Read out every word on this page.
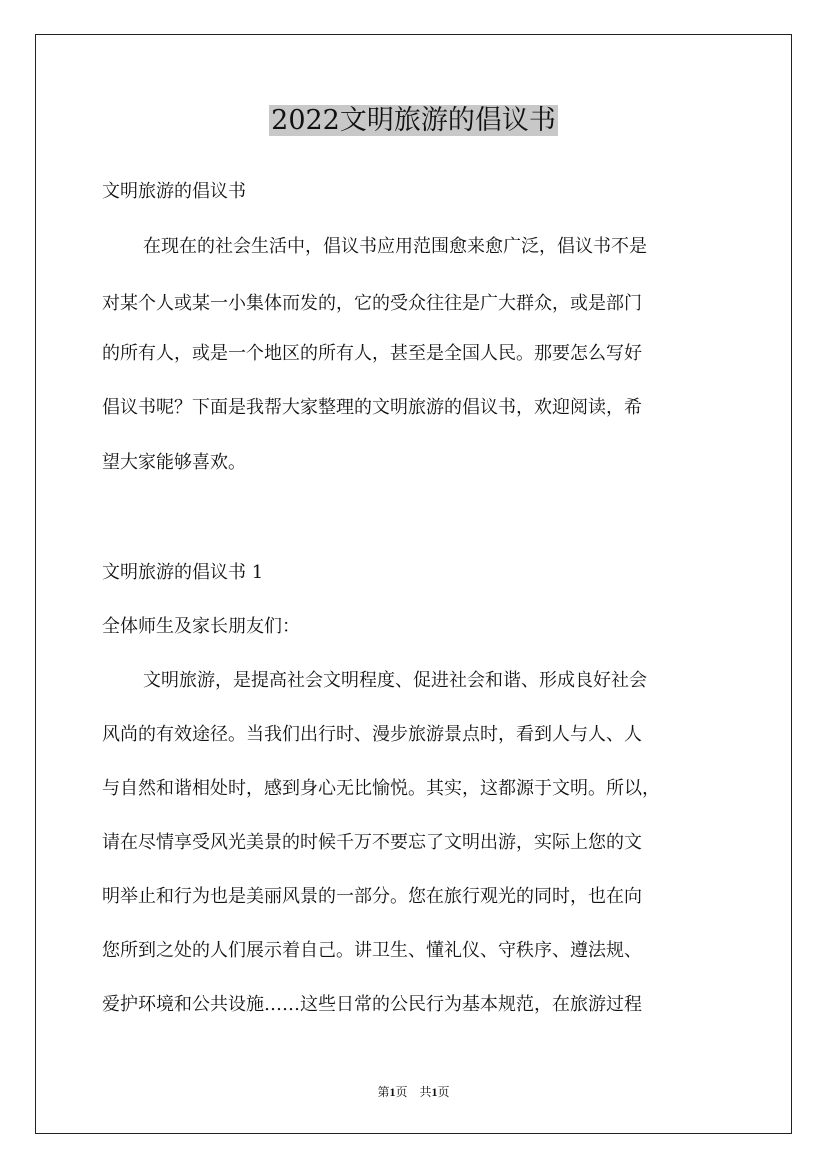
2022文明旅游的倡议书

文明旅游的倡议书

在现在的社会生活中，倡议书应用范围愈来愈广泛，倡议书不是

对某个人或某一小集体而发的，它的受众往往是广大群众，或是部门

的所有人，或是一个地区的所有人，甚至是全国人民。那要怎么写好

倡议书呢？下面是我帮大家整理的文明旅游的倡议书，欢迎阅读，希

望大家能够喜欢。

文明旅游的倡议书 1

全体师生及家长朋友们：

文明旅游，是提高社会文明程度、促进社会和谐、形成良好社会

风尚的有效途径。当我们出行时、漫步旅游景点时，看到人与人、人

与自然和谐相处时，感到身心无比愉悦。其实，这都源于文明。所以，

请在尽情享受风光美景的时候千万不要忘了文明出游，实际上您的文

明举止和行为也是美丽风景的一部分。您在旅行观光的同时，也在向

您所到之处的人们展示着自己。讲卫生、懂礼仪、守秩序、遵法规、

爱护环境和公共设施……这些日常的公民行为基本规范，在旅游过程

第1页 共1页
